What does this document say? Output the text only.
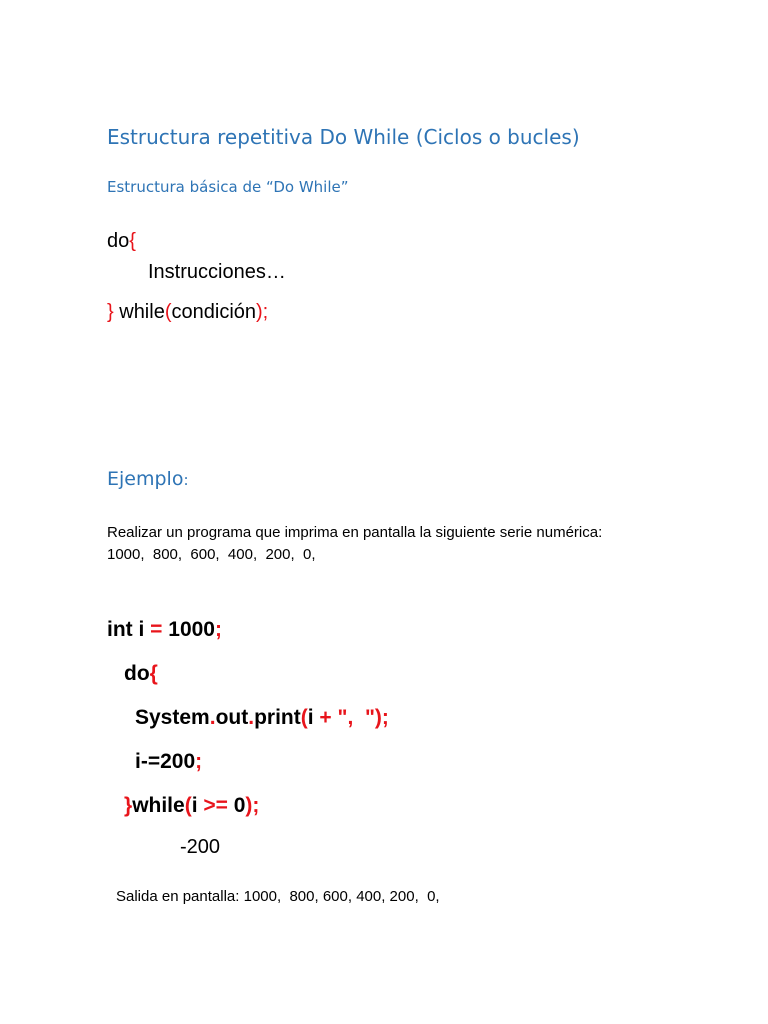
Estructura repetitiva Do While (Ciclos o bucles)
Estructura básica de “Do While”
do{
Instrucciones…
} while(condición);
Ejemplo:
Realizar un programa que imprima en pantalla la siguiente serie numérica:
1000,  800,  600,  400,  200,  0,
int i = 1000;
do{
System.out.print(i + ",  ");
i-=200;
}while(i >= 0);
-200
Salida en pantalla: 1000,  800, 600, 400, 200,  0,
